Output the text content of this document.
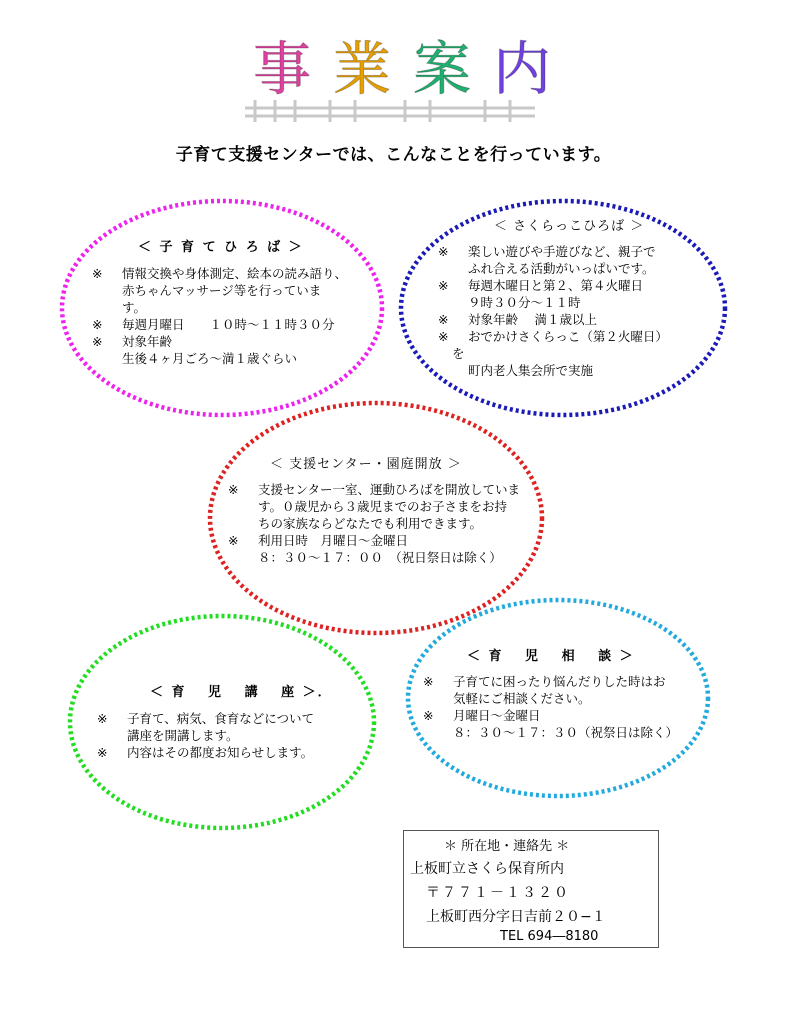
事 業 案 内
子育て支援センターでは、こんなことを行っています。
＜ 子 育 て ひ ろ ば ＞
※ 情報交換や身体測定、絵本の読み語り、
赤ちゃんマッサージ等を行っていま
す。
※ 毎週月曜日　　１０時～１１時３０分
※ 対象年齢
生後４ヶ月ごろ～満１歳ぐらい
＜ さくらっこひろば ＞
※ 楽しい遊びや手遊びなど、親子で
ふれ合える活動がいっぱいです。
※ 毎週木曜日と第２、第４火曜日
９時３０分～１１時
※ 対象年齢　 満１歳以上
※ おでかけさくらっこ（第２火曜日）
を
町内老人集会所で実施
＜ 支援センター・園庭開放 ＞
※ 支援センター一室、運動ひろばを開放していま
す。０歳児から３歳児までのお子さまをお持
ちの家族ならどなたでも利用できます。
※ 利用日時　月曜日～金曜日
８：３０～１７：００　（祝日祭日は除く）
＜ 育 　児 　講 　座 ＞．
※ 子育て、病気、食育などについて
講座を開講します。
※ 内容はその都度お知らせします。
＜ 育 　児 　相 　談 ＞
※ 子育てに困ったり悩んだりした時はお
気軽にご相談ください。
※ 月曜日～金曜日
８：３０～１７：３０（祝祭日は除く）
＊ 所在地・連絡先 ＊
上板町立さくら保育所内
〒７７１－１３２０
上板町西分字日吉前２０−１
TEL 694―8180
